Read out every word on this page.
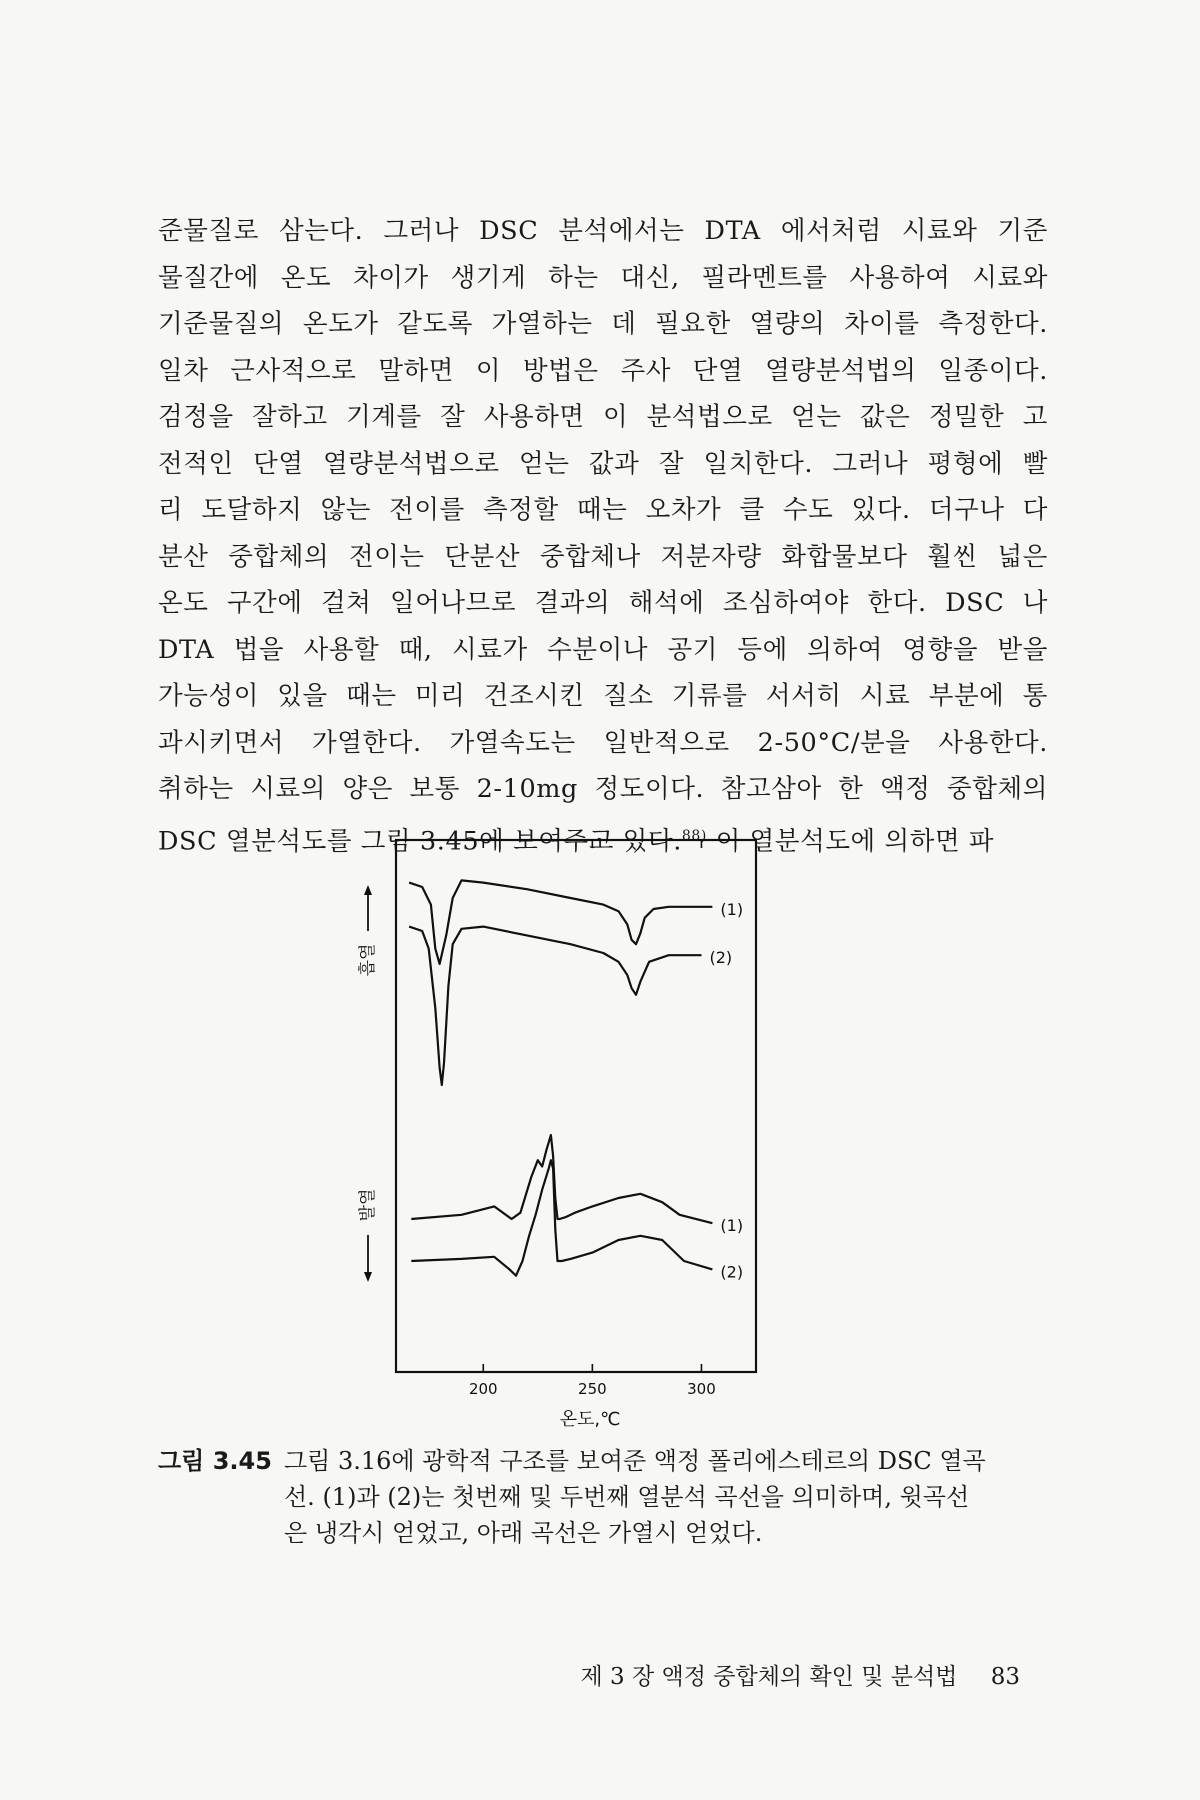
준물질로 삼는다. 그러나 DSC 분석에서는 DTA 에서처럼 시료와 기준
물질간에 온도 차이가 생기게 하는 대신, 필라멘트를 사용하여 시료와
기준물질의 온도가 같도록 가열하는 데 필요한 열량의 차이를 측정한다.
일차 근사적으로 말하면 이 방법은 주사 단열 열량분석법의 일종이다.
검정을 잘하고 기계를 잘 사용하면 이 분석법으로 얻는 값은 정밀한 고
전적인 단열 열량분석법으로 얻는 값과 잘 일치한다. 그러나 평형에 빨
리 도달하지 않는 전이를 측정할 때는 오차가 클 수도 있다. 더구나 다
분산 중합체의 전이는 단분산 중합체나 저분자량 화합물보다 훨씬 넓은
온도 구간에 걸쳐 일어나므로 결과의 해석에 조심하여야 한다. DSC 나
DTA 법을 사용할 때, 시료가 수분이나 공기 등에 의하여 영향을 받을
가능성이 있을 때는 미리 건조시킨 질소 기류를 서서히 시료 부분에 통
과시키면서 가열한다. 가열속도는 일반적으로 2-50°C/분을 사용한다.
취하는 시료의 양은 보통 2-10mg 정도이다. 참고삼아 한 액정 중합체의
DSC 열분석도를 그림 3.45에 보여주고 있다.$^{88)}$ 이 열분석도에 의하면 파
200	250	300
(1)
(2)
(1)
(2)
흡열
발열
온도,℃
그림 3.45 그림 3.16에 광학적 구조를 보여준 액정 폴리에스테르의 DSC 열곡
선. (1)과 (2)는 첫번째 및 두번째 열분석 곡선을 의미하며, 윗곡선
은 냉각시 얻었고, 아래 곡선은 가열시 얻었다.
제 3 장 액정 중합체의 확인 및 분석법 83
